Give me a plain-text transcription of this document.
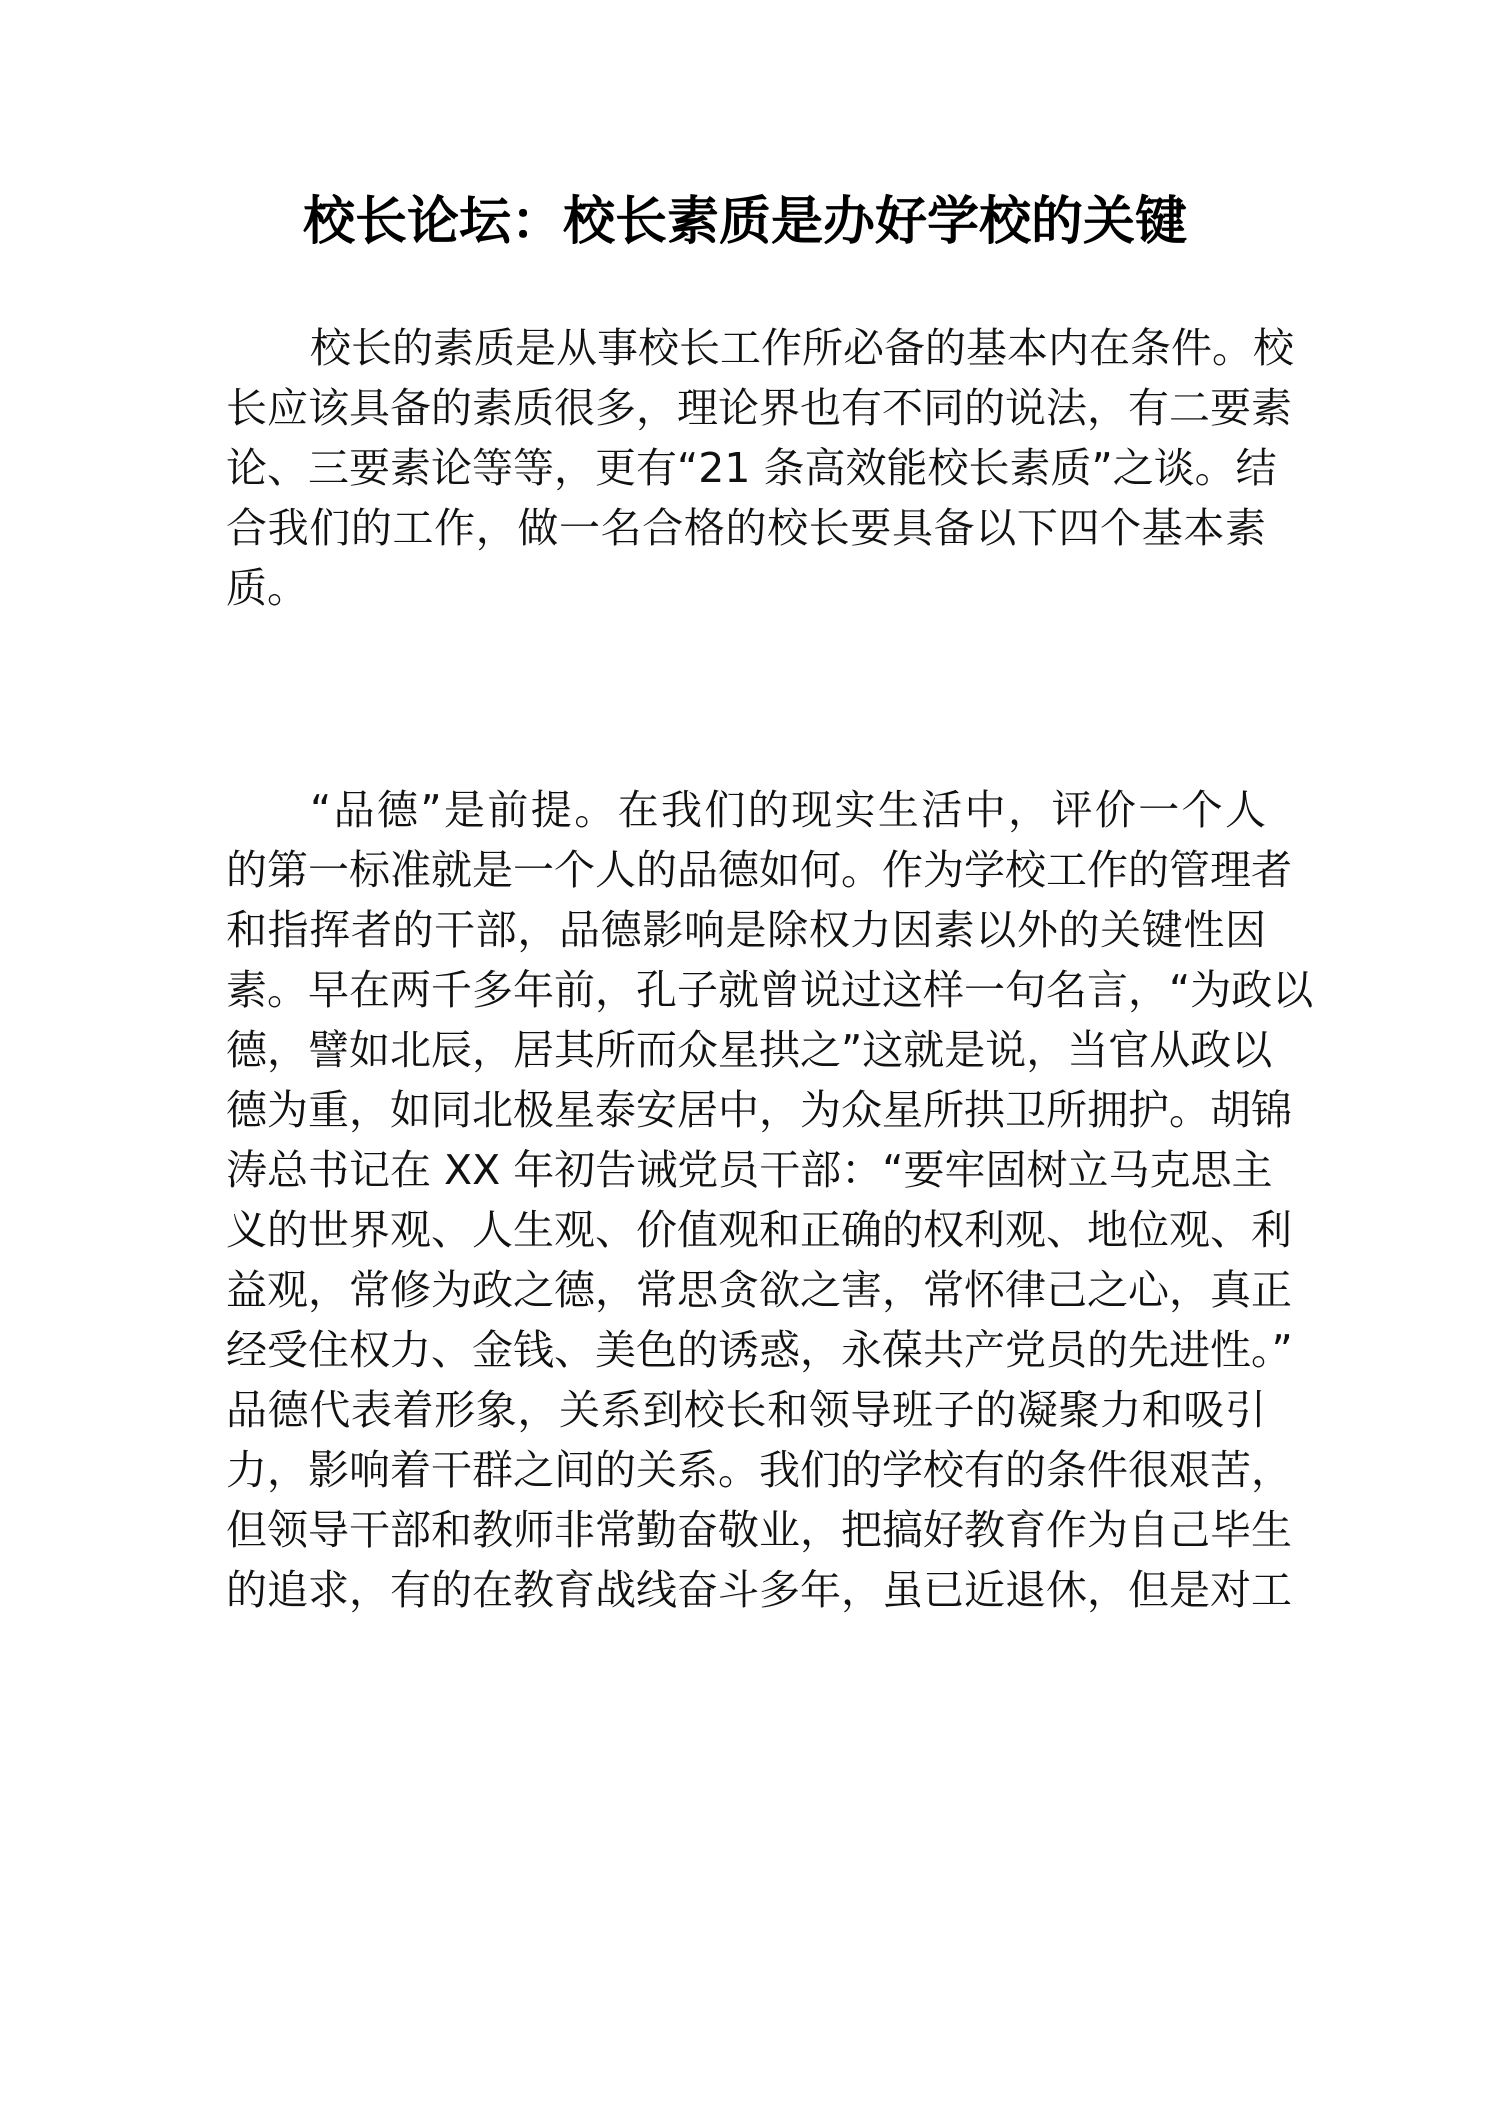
校长论坛：校长素质是办好学校的关键
校长的素质是从事校长工作所必备的基本内在条件。校
长应该具备的素质很多，理论界也有不同的说法，有二要素
论、三要素论等等，更有“21 条高效能校长素质”之谈。结
合我们的工作，做一名合格的校长要具备以下四个基本素
质。
“品德”是前提。在我们的现实生活中，评价一个人
的第一标准就是一个人的品德如何。作为学校工作的管理者
和指挥者的干部，品德影响是除权力因素以外的关键性因
素。早在两千多年前，孔子就曾说过这样一句名言，“为政以
德，譬如北辰，居其所而众星拱之”这就是说，当官从政以
德为重，如同北极星泰安居中，为众星所拱卫所拥护。胡锦
涛总书记在 XX 年初告诫党员干部：“要牢固树立马克思主
义的世界观、人生观、价值观和正确的权利观、地位观、利
益观，常修为政之德，常思贪欲之害，常怀律己之心，真正
经受住权力、金钱、美色的诱惑，永葆共产党员的先进性。”
品德代表着形象，关系到校长和领导班子的凝聚力和吸引
力，影响着干群之间的关系。我们的学校有的条件很艰苦，
但领导干部和教师非常勤奋敬业，把搞好教育作为自己毕生
的追求，有的在教育战线奋斗多年，虽已近退休，但是对工
